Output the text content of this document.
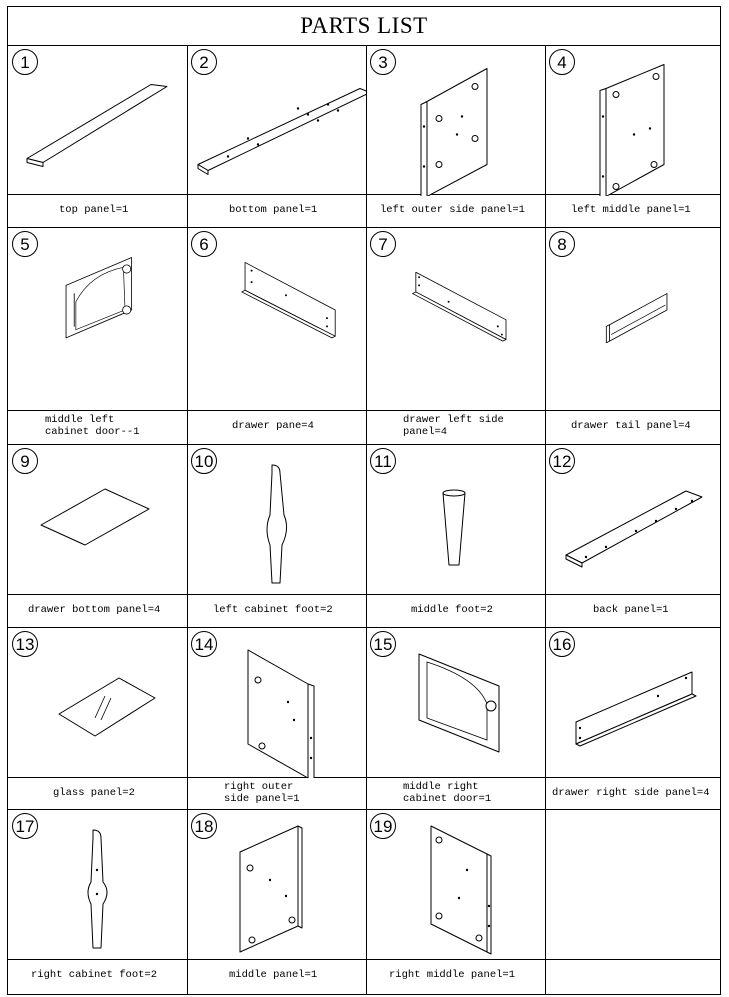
PARTS LIST
1
top panel=1
2
bottom panel=1
3
left outer side panel=1
4
left middle panel=1
5
middle left
cabinet door--1
6
drawer pane=4
7
drawer left side
panel=4
8
drawer tail panel=4
9
drawer bottom panel=4
10
left cabinet foot=2
11
middle foot=2
12
back panel=1
13
glass panel=2
14
right outer
side panel=1
15
middle right
cabinet door=1
16
drawer right side panel=4
17
right cabinet foot=2
18
middle panel=1
19
right middle panel=1
